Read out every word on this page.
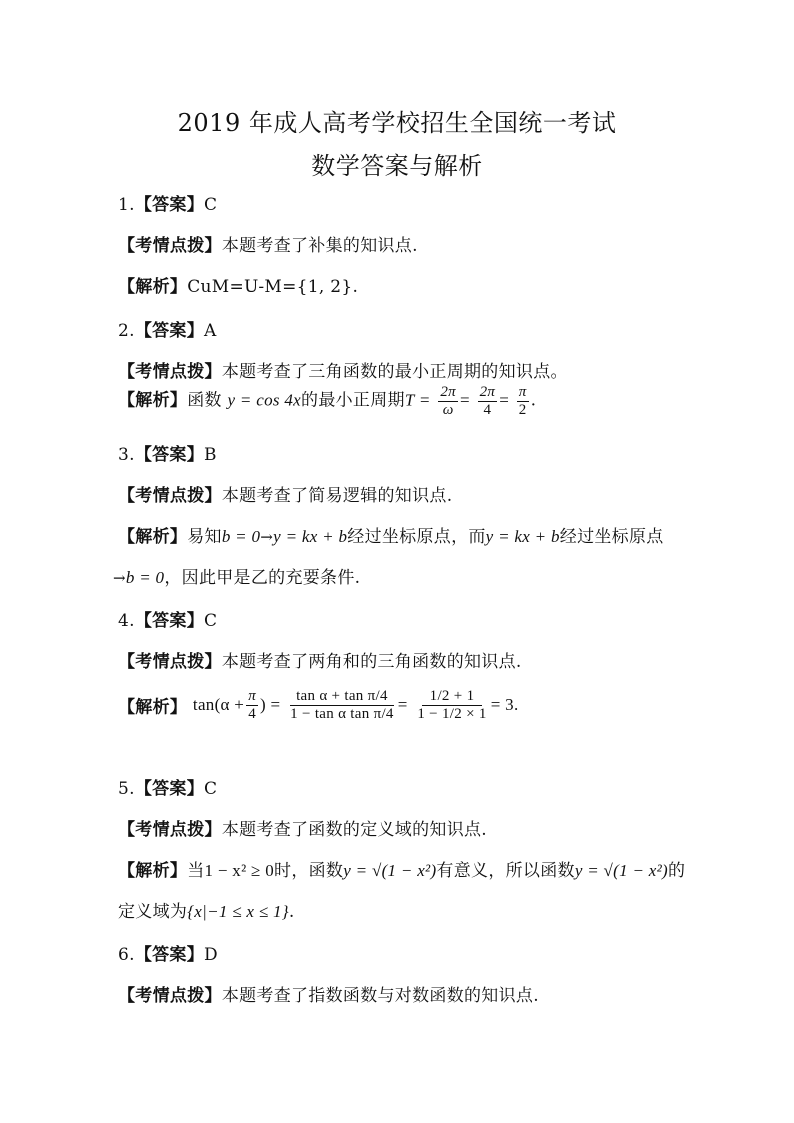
2019 年成人高考学校招生全国统一考试
数学答案与解析
1.【答案】C
【考情点拨】本题考查了补集的知识点.
【解析】CuM=U-M={1, 2}.
2.【答案】A
【考情点拨】本题考查了三角函数的最小正周期的知识点。
【解析】函数 y = cos 4x的最小正周期$T = \frac{2\pi}{\omega} = \frac{2\pi}{4} = \frac{\pi}{2}$ .
3.【答案】B
【考情点拨】本题考查了简易逻辑的知识点.
【解析】易知b = 0→y = kx + b经过坐标原点，而y = kx + b经过坐标原点
→b = 0，因此甲是乙的充要条件.
4.【答案】C
【考情点拨】本题考查了两角和的三角函数的知识点.
【解析】 $\tan(\alpha + \frac{\pi}{4}$ ) = $\frac{\text{tan α + tan π/4}}{\text{1 − tan α tan π/4}} = \frac{1/2 + 1}{1 - 1/2 \times 1} = 3$.
5.【答案】C
【考情点拨】本题考查了函数的定义域的知识点.
【解析】当1 − x² ≥ 0时，函数y = √(1 − x²)有意义，所以函数y = √(1 − x²)的
定义域为{x|−1 ≤ x ≤ 1}.
6.【答案】D
【考情点拨】本题考查了指数函数与对数函数的知识点.
